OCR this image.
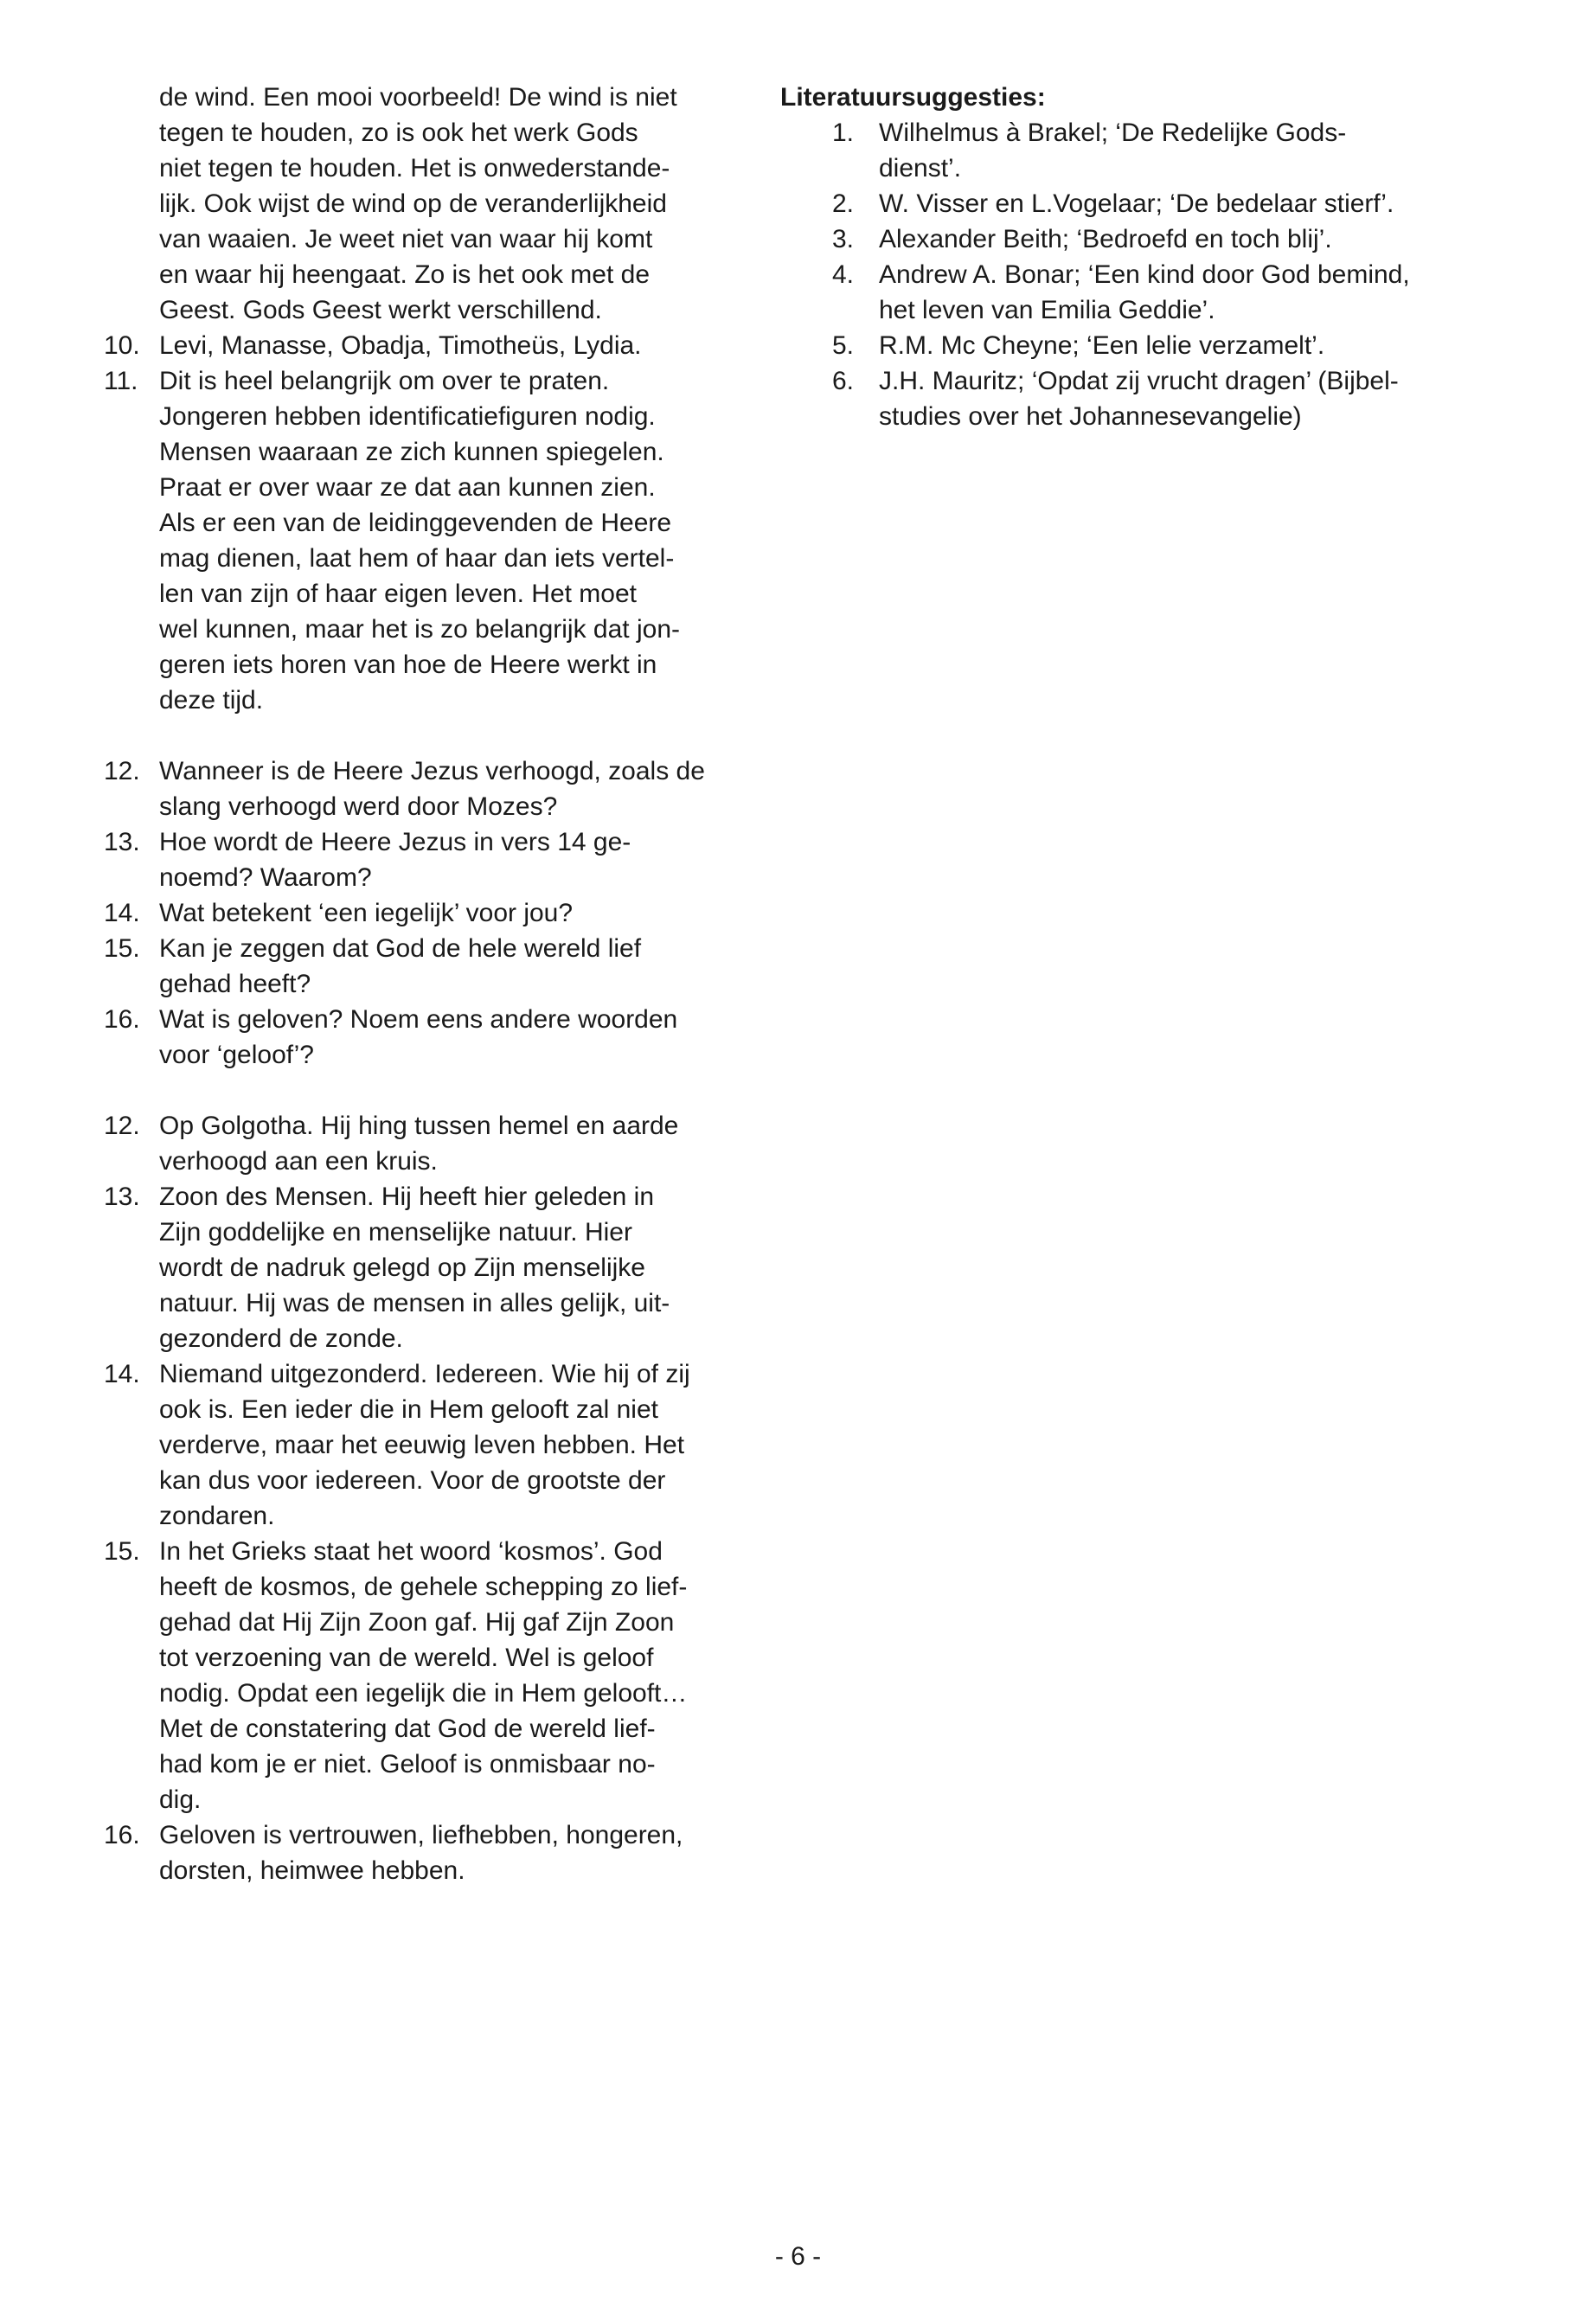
de wind. Een mooi voorbeeld! De wind is niet
tegen te houden, zo is ook het werk Gods
niet tegen te houden. Het is onwederstande-
lijk. Ook wijst de wind op de veranderlijkheid
van waaien. Je weet niet van waar hij komt
en waar hij heengaat. Zo is het ook met de
Geest. Gods Geest werkt verschillend.
10. Levi, Manasse, Obadja, Timotheüs, Lydia.
11. Dit is heel belangrijk om over te praten.
Jongeren hebben identificatiefiguren nodig.
Mensen waaraan ze zich kunnen spiegelen.
Praat er over waar ze dat aan kunnen zien.
Als er een van de leidinggevenden de Heere
mag dienen, laat hem of haar dan iets vertel-
len van zijn of haar eigen leven. Het moet
wel kunnen, maar het is zo belangrijk dat jon-
geren iets horen van hoe de Heere werkt in
deze tijd.
12. Wanneer is de Heere Jezus verhoogd, zoals de
slang verhoogd werd door Mozes?
13. Hoe wordt de Heere Jezus in vers 14 ge-
noemd? Waarom?
14. Wat betekent ‘een iegelijk’ voor jou?
15. Kan je zeggen dat God de hele wereld lief
gehad heeft?
16. Wat is geloven? Noem eens andere woorden
voor ‘geloof’?
12. Op Golgotha. Hij hing tussen hemel en aarde
verhoogd aan een kruis.
13. Zoon des Mensen. Hij heeft hier geleden in
Zijn goddelijke en menselijke natuur. Hier
wordt de nadruk gelegd op Zijn menselijke
natuur. Hij was de mensen in alles gelijk, uit-
gezonderd de zonde.
14. Niemand uitgezonderd. Iedereen. Wie hij of zij
ook is. Een ieder die in Hem gelooft zal niet
verderve, maar het eeuwig leven hebben. Het
kan dus voor iedereen. Voor de grootste der
zondaren.
15. In het Grieks staat het woord ‘kosmos’. God
heeft de kosmos, de gehele schepping zo lief-
gehad dat Hij Zijn Zoon gaf. Hij gaf Zijn Zoon
tot verzoening van de wereld. Wel is geloof
nodig. Opdat een iegelijk die in Hem gelooft…
Met de constatering dat God de wereld lief-
had kom je er niet. Geloof is onmisbaar no-
dig.
16. Geloven is vertrouwen, liefhebben, hongeren,
dorsten, heimwee hebben.
Literatuursuggesties:
1. Wilhelmus à Brakel; ‘De Redelijke Gods-
dienst’.
2. W. Visser en L.Vogelaar; ‘De bedelaar stierf’.
3. Alexander Beith; ‘Bedroefd en toch blij’.
4. Andrew A. Bonar; ‘Een kind door God bemind,
het leven van Emilia Geddie’.
5. R.M. Mc Cheyne; ‘Een lelie verzamelt’.
6. J.H. Mauritz; ‘Opdat zij vrucht dragen’ (Bijbel-
studies over het Johannesevangelie)
- 6 -
